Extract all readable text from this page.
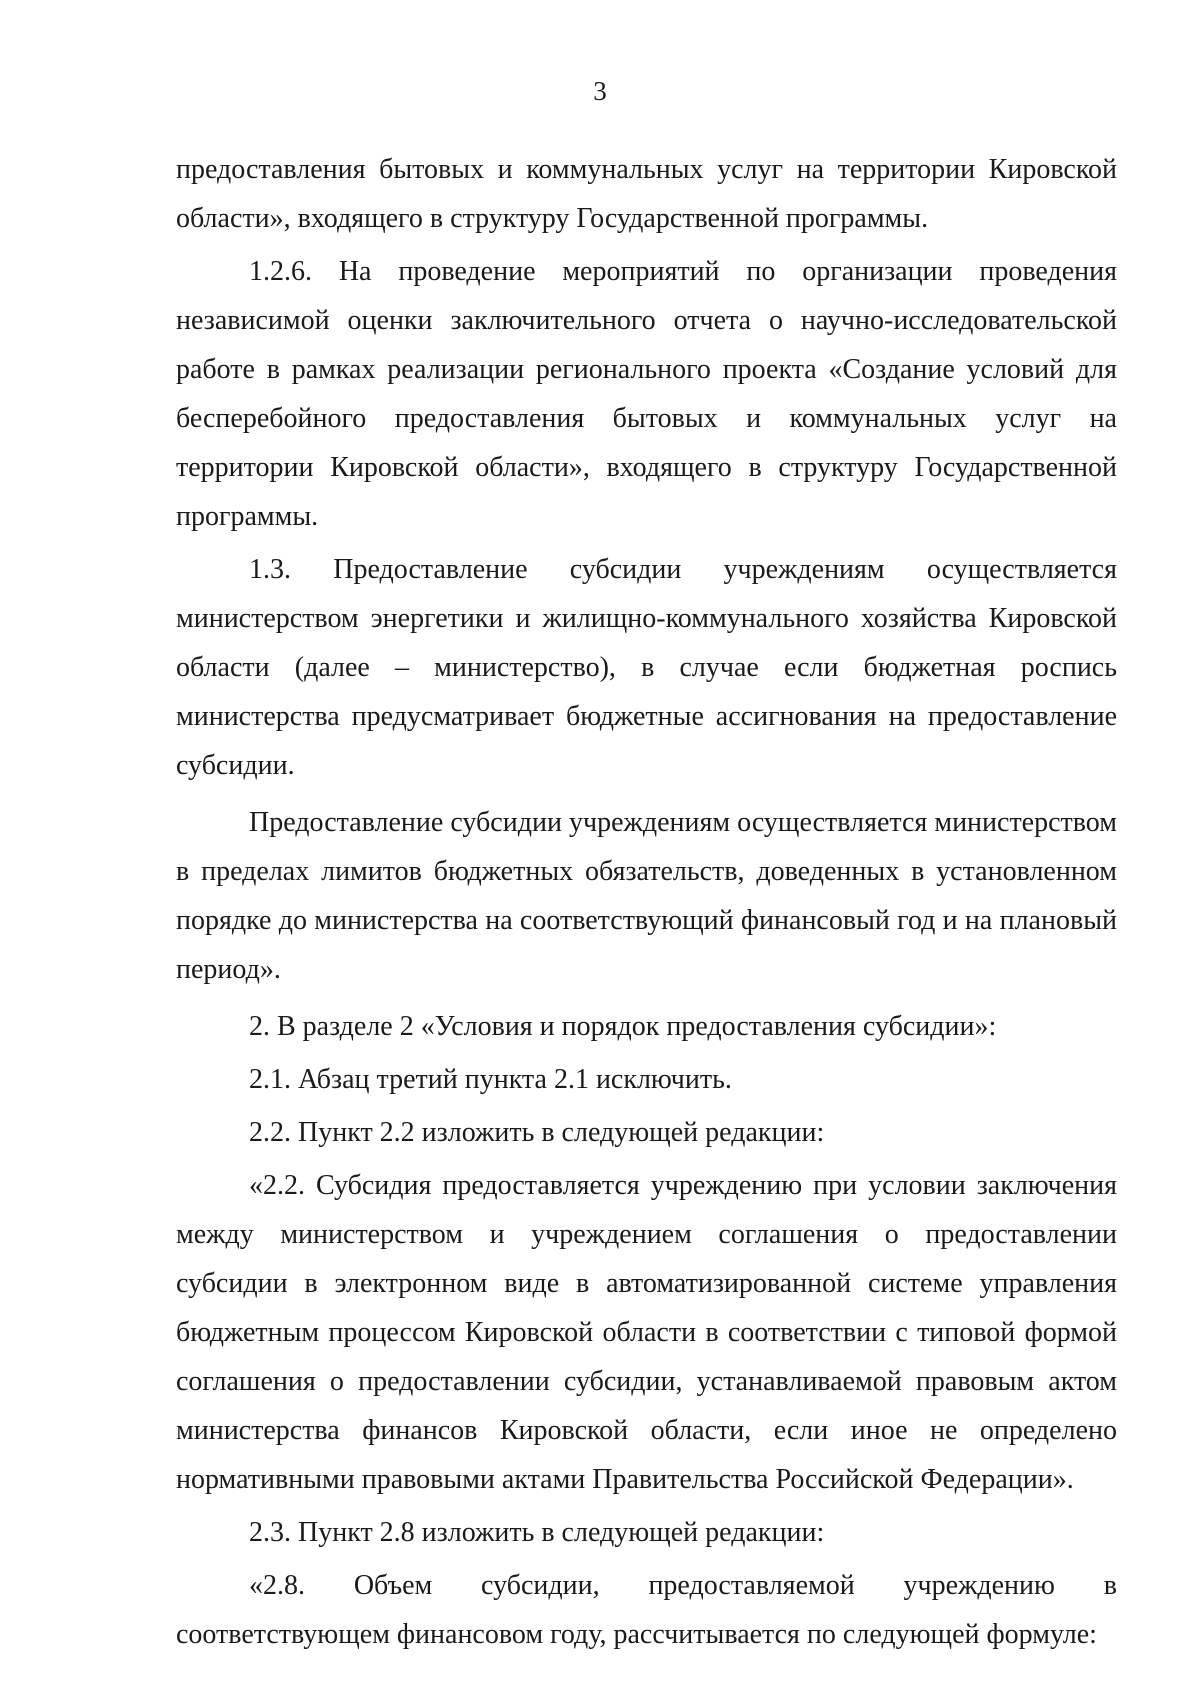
3

предоставления бытовых и коммунальных услуг на территории Кировской области», входящего в структуру Государственной программы.

1.2.6. На проведение мероприятий по организации проведения независимой оценки заключительного отчета о научно-исследовательской работе в рамках реализации регионального проекта «Создание условий для бесперебойного предоставления бытовых и коммунальных услуг на территории Кировской области», входящего в структуру Государственной программы.

1.3. Предоставление субсидии учреждениям осуществляется министерством энергетики и жилищно-коммунального хозяйства Кировской области (далее – министерство), в случае если бюджетная роспись министерства предусматривает бюджетные ассигнования на предоставление субсидии.

Предоставление субсидии учреждениям осуществляется министерством в пределах лимитов бюджетных обязательств, доведенных в установленном порядке до министерства на соответствующий финансовый год и на плановый период».

2. В разделе 2 «Условия и порядок предоставления субсидии»:

2.1. Абзац третий пункта 2.1 исключить.

2.2. Пункт 2.2 изложить в следующей редакции:

«2.2. Субсидия предоставляется учреждению при условии заключения между министерством и учреждением соглашения о предоставлении субсидии в электронном виде в автоматизированной системе управления бюджетным процессом Кировской области в соответствии с типовой формой соглашения о предоставлении субсидии, устанавливаемой правовым актом министерства финансов Кировской области, если иное не определено нормативными правовыми актами Правительства Российской Федерации».

2.3. Пункт 2.8 изложить в следующей редакции:

«2.8. Объем субсидии, предоставляемой учреждению в соответствующем финансовом году, рассчитывается по следующей формуле:
